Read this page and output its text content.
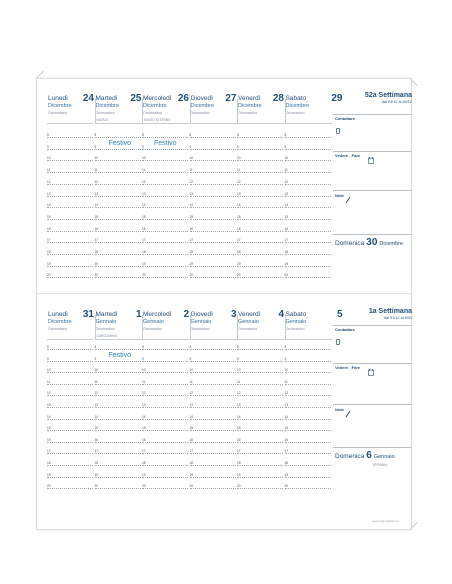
Lunedì 24
Dicembre
Onomastico
8
9
10
11
12
13
14
15
16
17
18
19
20
Martedì 25
Dicembre
Onomastico
NATALE
8
9
10
11
12
13
14
15
16
17
18
19
20
Festivo
Mercoledì 26
Dicembre
Onomastico
SANTO STEFANO
8
9
10
11
12
13
14
15
16
17
18
19
20
Festivo
Giovedì 27
Dicembre
Onomastico
8
9
10
11
12
13
14
15
16
17
18
19
20
Venerdì 28
Dicembre
Onomastico
8
9
10
11
12
13
14
15
16
17
18
19
20
Sabato	29
Dicembre
Onomastico
8
9
10
11
12
13
14
15
16
17
18
19
20
52a Settimana
dal 24/12 al 30/12
Contattare
Vedere - Fare
Note
Domenica 30 Dicembre
Lunedì 31
Dicembre
Onomastico
8
9
10
11
12
13
14
15
16
17
18
19
20
Martedì 1
Gennaio
Onomastico
CAPODANNO
8
9
10
11
12
13
14
15
16
17
18
19
20
Festivo
Mercoledì 2
Gennaio
Onomastico
8
9
10
11
12
13
14
15
16
17
18
19
20
Giovedì 3
Gennaio
Onomastico
8
9
10
11
12
13
14
15
16
17
18
19
20
Venerdì 4
Gennaio
Onomastico
8
9
10
11
12
13
14
15
16
17
18
19
20
Sabato	5
Gennaio
Onomastico
8
9
10
11
12
13
14
15
16
17
18
19
20
1a Settimana
dal 31/12 al 6/01
Contattare
Vedere - Fare
Note
Domenica 6 Gennaio
EPIFANIA
www.agendadiario.it
